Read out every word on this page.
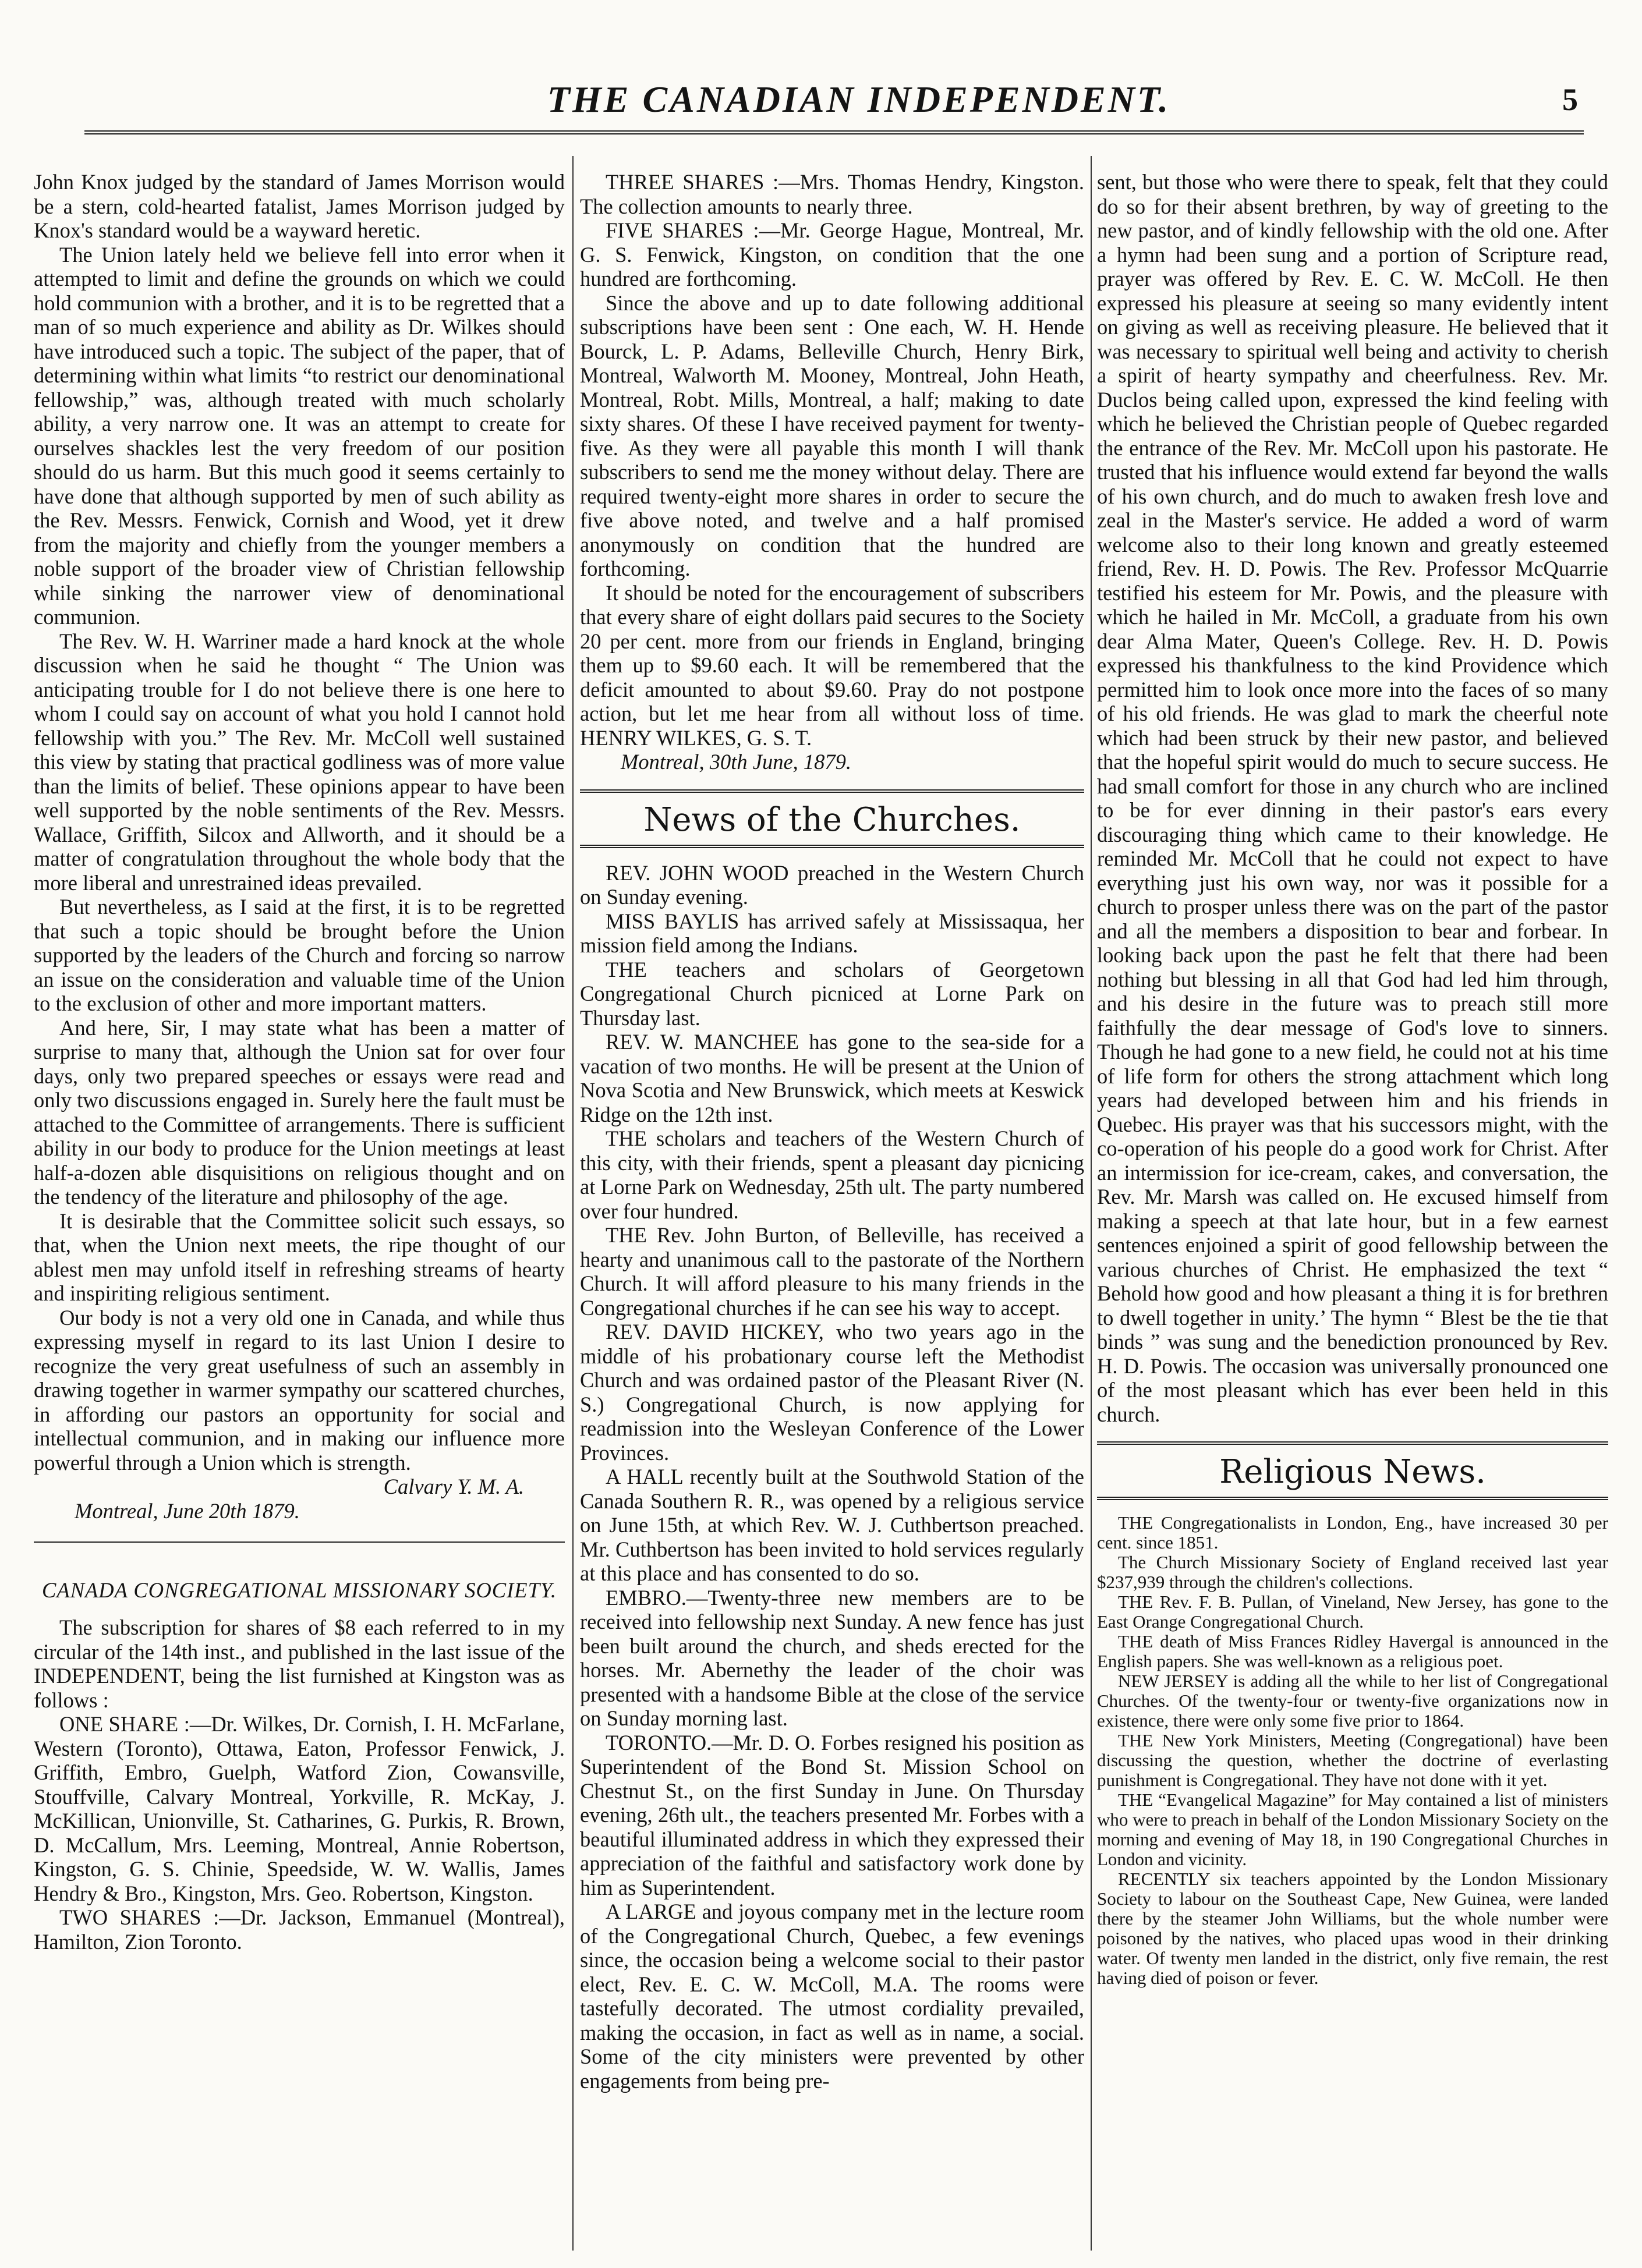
THE CANADIAN INDEPENDENT.	5

John Knox judged by the standard of James Morrison would be a stern, cold-hearted fatalist, James Morrison judged by Knox's standard would be a wayward heretic.

The Union lately held we believe fell into error when it attempted to limit and define the grounds on which we could hold communion with a brother, and it is to be regretted that a man of so much experience and ability as Dr. Wilkes should have introduced such a topic. The subject of the paper, that of determining within what limits “to restrict our denominational fellowship,” was, although treated with much scholarly ability, a very narrow one. It was an attempt to create for ourselves shackles lest the very freedom of our position should do us harm. But this much good it seems certainly to have done that although supported by men of such ability as the Rev. Messrs. Fenwick, Cornish and Wood, yet it drew from the majority and chiefly from the younger members a noble support of the broader view of Christian fellowship while sinking the narrower view of denominational communion.

The Rev. W. H. Warriner made a hard knock at the whole discussion when he said he thought “ The Union was anticipating trouble for I do not believe there is one here to whom I could say on account of what you hold I cannot hold fellowship with you.” The Rev. Mr. McColl well sustained this view by stating that practical godliness was of more value than the limits of belief. These opinions appear to have been well supported by the noble sentiments of the Rev. Messrs. Wallace, Griffith, Silcox and Allworth, and it should be a matter of congratulation throughout the whole body that the more liberal and unrestrained ideas prevailed.

But nevertheless, as I said at the first, it is to be regretted that such a topic should be brought before the Union supported by the leaders of the Church and forcing so narrow an issue on the consideration and valuable time of the Union to the exclusion of other and more important matters.

And here, Sir, I may state what has been a matter of surprise to many that, although the Union sat for over four days, only two prepared speeches or essays were read and only two discussions engaged in. Surely here the fault must be attached to the Committee of arrangements. There is sufficient ability in our body to produce for the Union meetings at least half-a-dozen able disquisitions on religious thought and on the tendency of the literature and philosophy of the age.

It is desirable that the Committee solicit such essays, so that, when the Union next meets, the ripe thought of our ablest men may unfold itself in refreshing streams of hearty and inspiriting religious sentiment.

Our body is not a very old one in Canada, and while thus expressing myself in regard to its last Union I desire to recognize the very great usefulness of such an assembly in drawing together in warmer sympathy our scattered churches, in affording our pastors an opportunity for social and intellectual communion, and in making our influence more powerful through a Union which is strength.

Calvary Y. M. A.
Montreal, June 20th 1879.
CANADA CONGREGATIONAL MISSIONARY SOCIETY.

The subscription for shares of $8 each referred to in my circular of the 14th inst., and published in the last issue of the INDEPENDENT, being the list furnished at Kingston was as follows :

ONE SHARE :—Dr. Wilkes, Dr. Cornish, I. H. McFarlane, Western (Toronto), Ottawa, Eaton, Professor Fenwick, J. Griffith, Embro, Guelph, Watford Zion, Cowansville, Stouffville, Calvary Montreal, Yorkville, R. McKay, J. McKillican, Unionville, St. Catharines, G. Purkis, R. Brown, D. McCallum, Mrs. Leeming, Montreal, Annie Robertson, Kingston, G. S. Chinie, Speedside, W. W. Wallis, James Hendry & Bro., Kingston, Mrs. Geo. Robertson, Kingston.

TWO SHARES :—Dr. Jackson, Emmanuel (Montreal), Hamilton, Zion Toronto.

THREE SHARES :—Mrs. Thomas Hendry, Kingston. The collection amounts to nearly three.

FIVE SHARES :—Mr. George Hague, Montreal, Mr. G. S. Fenwick, Kingston, on condition that the one hundred are forthcoming.

Since the above and up to date following additional subscriptions have been sent : One each, W. H. Hende Bourck, L. P. Adams, Belleville Church, Henry Birk, Montreal, Walworth M. Mooney, Montreal, John Heath, Montreal, Robt. Mills, Montreal, a half; making to date sixty shares. Of these I have received payment for twenty-five. As they were all payable this month I will thank subscribers to send me the money without delay. There are required twenty-eight more shares in order to secure the five above noted, and twelve and a half promised anonymously on condition that the hundred are forthcoming.

It should be noted for the encouragement of subscribers that every share of eight dollars paid secures to the Society 20 per cent. more from our friends in England, bringing them up to $9.60 each. It will be remembered that the deficit amounted to about $9.60. Pray do not postpone action, but let me hear from all without loss of time. HENRY WILKES, G. S. T.

Montreal, 30th June, 1879.
News of the Churches.

REV. JOHN WOOD preached in the Western Church on Sunday evening.

MISS BAYLIS has arrived safely at Mississaqua, her mission field among the Indians.

THE teachers and scholars of Georgetown Congregational Church picniced at Lorne Park on Thursday last.

REV. W. MANCHEE has gone to the sea-side for a vacation of two months. He will be present at the Union of Nova Scotia and New Brunswick, which meets at Keswick Ridge on the 12th inst.

THE scholars and teachers of the Western Church of this city, with their friends, spent a pleasant day picnicing at Lorne Park on Wednesday, 25th ult. The party numbered over four hundred.

THE Rev. John Burton, of Belleville, has received a hearty and unanimous call to the pastorate of the Northern Church. It will afford pleasure to his many friends in the Congregational churches if he can see his way to accept.

REV. DAVID HICKEY, who two years ago in the middle of his probationary course left the Methodist Church and was ordained pastor of the Pleasant River (N. S.) Congregational Church, is now applying for readmission into the Wesleyan Conference of the Lower Provinces.

A HALL recently built at the Southwold Station of the Canada Southern R. R., was opened by a religious service on June 15th, at which Rev. W. J. Cuthbertson preached. Mr. Cuthbertson has been invited to hold services regularly at this place and has consented to do so.

EMBRO.—Twenty-three new members are to be received into fellowship next Sunday. A new fence has just been built around the church, and sheds erected for the horses. Mr. Abernethy the leader of the choir was presented with a handsome Bible at the close of the service on Sunday morning last.

TORONTO.—Mr. D. O. Forbes resigned his position as Superintendent of the Bond St. Mission School on Chestnut St., on the first Sunday in June. On Thursday evening, 26th ult., the teachers presented Mr. Forbes with a beautiful illuminated address in which they expressed their appreciation of the faithful and satisfactory work done by him as Superintendent.

A LARGE and joyous company met in the lecture room of the Congregational Church, Quebec, a few evenings since, the occasion being a welcome social to their pastor elect, Rev. E. C. W. McColl, M.A. The rooms were tastefully decorated. The utmost cordiality prevailed, making the occasion, in fact as well as in name, a social. Some of the city ministers were prevented by other engagements from being pre-

sent, but those who were there to speak, felt that they could do so for their absent brethren, by way of greeting to the new pastor, and of kindly fellowship with the old one. After a hymn had been sung and a portion of Scripture read, prayer was offered by Rev. E. C. W. McColl. He then expressed his pleasure at seeing so many evidently intent on giving as well as receiving pleasure. He believed that it was necessary to spiritual well being and activity to cherish a spirit of hearty sympathy and cheerfulness. Rev. Mr. Duclos being called upon, expressed the kind feeling with which he believed the Christian people of Quebec regarded the entrance of the Rev. Mr. McColl upon his pastorate. He trusted that his influence would extend far beyond the walls of his own church, and do much to awaken fresh love and zeal in the Master's service. He added a word of warm welcome also to their long known and greatly esteemed friend, Rev. H. D. Powis. The Rev. Professor McQuarrie testified his esteem for Mr. Powis, and the pleasure with which he hailed in Mr. McColl, a graduate from his own dear Alma Mater, Queen's College. Rev. H. D. Powis expressed his thankfulness to the kind Providence which permitted him to look once more into the faces of so many of his old friends. He was glad to mark the cheerful note which had been struck by their new pastor, and believed that the hopeful spirit would do much to secure success. He had small comfort for those in any church who are inclined to be for ever dinning in their pastor's ears every discouraging thing which came to their knowledge. He reminded Mr. McColl that he could not expect to have everything just his own way, nor was it possible for a church to prosper unless there was on the part of the pastor and all the members a disposition to bear and forbear. In looking back upon the past he felt that there had been nothing but blessing in all that God had led him through, and his desire in the future was to preach still more faithfully the dear message of God's love to sinners. Though he had gone to a new field, he could not at his time of life form for others the strong attachment which long years had developed between him and his friends in Quebec. His prayer was that his successors might, with the co-operation of his people do a good work for Christ. After an intermission for ice-cream, cakes, and conversation, the Rev. Mr. Marsh was called on. He excused himself from making a speech at that late hour, but in a few earnest sentences enjoined a spirit of good fellowship between the various churches of Christ. He emphasized the text “ Behold how good and how pleasant a thing it is for brethren to dwell together in unity.’ The hymn “ Blest be the tie that binds ” was sung and the benediction pronounced by Rev. H. D. Powis. The occasion was universally pronounced one of the most pleasant which has ever been held in this church.

Religious News.

THE Congregationalists in London, Eng., have increased 30 per cent. since 1851.

The Church Missionary Society of England received last year $237,939 through the children's collections.

THE Rev. F. B. Pullan, of Vineland, New Jersey, has gone to the East Orange Congregational Church.

THE death of Miss Frances Ridley Havergal is announced in the English papers. She was well-known as a religious poet.

NEW JERSEY is adding all the while to her list of Congregational Churches. Of the twenty-four or twenty-five organizations now in existence, there were only some five prior to 1864.

THE New York Ministers, Meeting (Congregational) have been discussing the question, whether the doctrine of everlasting punishment is Congregational. They have not done with it yet.

THE “Evangelical Magazine” for May contained a list of ministers who were to preach in behalf of the London Missionary Society on the morning and evening of May 18, in 190 Congregational Churches in London and vicinity.

RECENTLY six teachers appointed by the London Missionary Society to labour on the Southeast Cape, New Guinea, were landed there by the steamer John Williams, but the whole number were poisoned by the natives, who placed upas wood in their drinking water. Of twenty men landed in the district, only five remain, the rest having died of poison or fever.
